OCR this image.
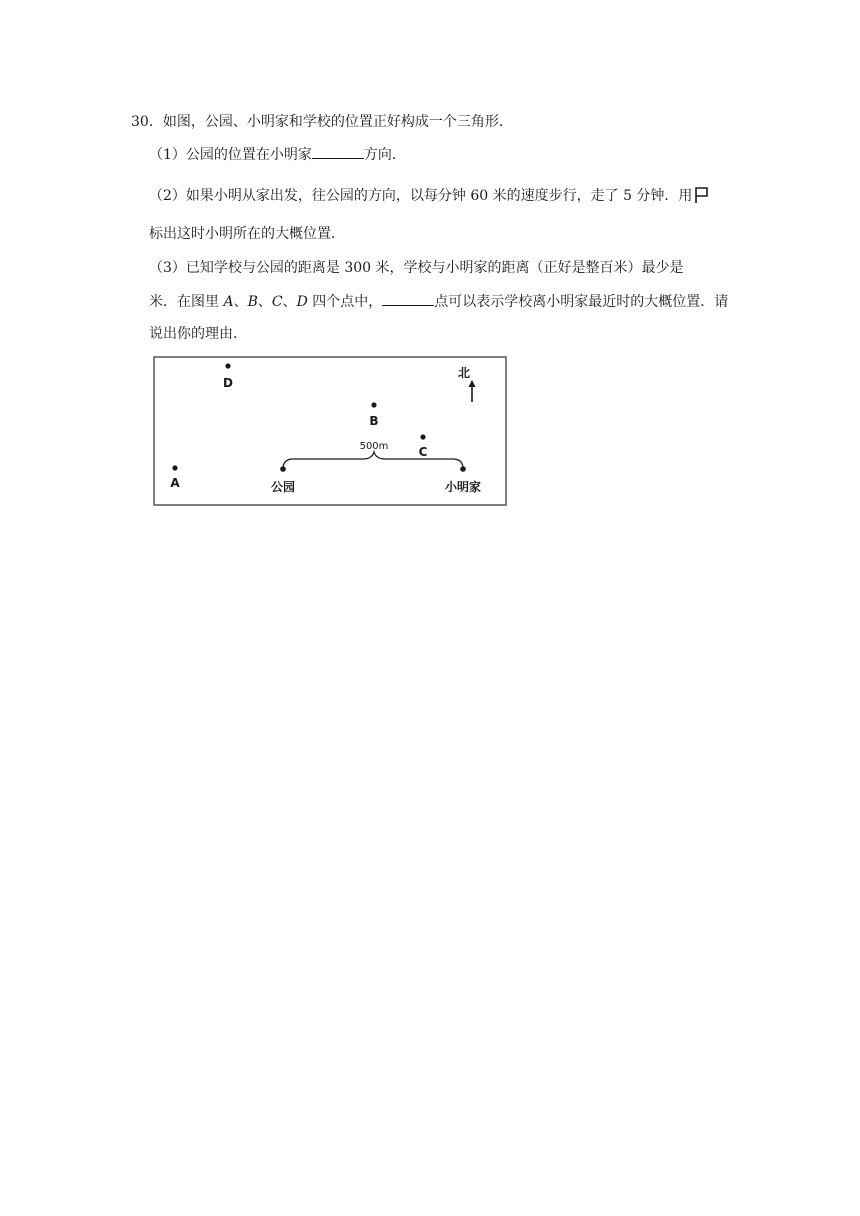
30．如图，公园、小明家和学校的位置正好构成一个三角形．
（1）公园的位置在小明家	方向．
（2）如果小明从家出发，往公园的方向，以每分钟 60 米的速度步行，走了 5 分钟．用
标出这时小明所在的大概位置．
（3）已知学校与公园的距离是 300 米，学校与小明家的距离（正好是整百米）最少是
米．在图里 A、B、C、D 四个点中，	点可以表示学校离小明家最近时的大概位置．请
说出你的理由．
北
D
B
C
A
500m
公园	小明家
